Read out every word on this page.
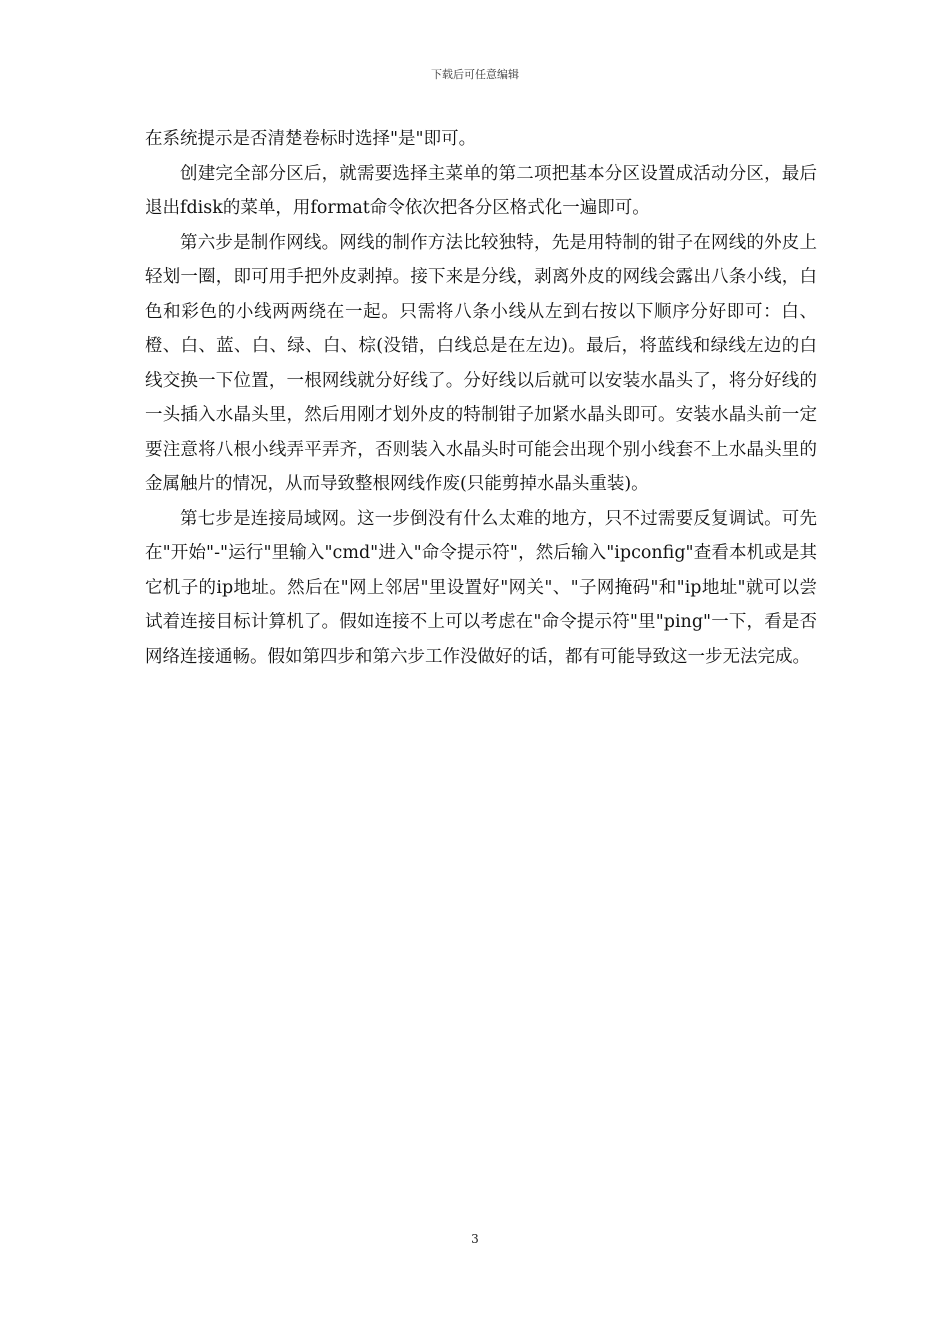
下载后可任意编辑

在系统提示是否清楚卷标时选择"是"即可。

创建完全部分区后，就需要选择主菜单的第二项把基本分区设置成活动分区，最后退出fdisk的菜单，用format命令依次把各分区格式化一遍即可。

第六步是制作网线。网线的制作方法比较独特，先是用特制的钳子在网线的外皮上轻划一圈，即可用手把外皮剥掉。接下来是分线，剥离外皮的网线会露出八条小线，白色和彩色的小线两两绕在一起。只需将八条小线从左到右按以下顺序分好即可：白、橙、白、蓝、白、绿、白、棕(没错，白线总是在左边)。最后，将蓝线和绿线左边的白线交换一下位置，一根网线就分好线了。分好线以后就可以安装水晶头了，将分好线的一头插入水晶头里，然后用刚才划外皮的特制钳子加紧水晶头即可。安装水晶头前一定要注意将八根小线弄平弄齐，否则装入水晶头时可能会出现个别小线套不上水晶头里的金属触片的情况，从而导致整根网线作废(只能剪掉水晶头重装)。

第七步是连接局域网。这一步倒没有什么太难的地方，只不过需要反复调试。可先在"开始"-"运行"里输入"cmd"进入"命令提示符"，然后输入"ipconfig"查看本机或是其它机子的ip地址。然后在"网上邻居"里设置好"网关"、"子网掩码"和"ip地址"就可以尝试着连接目标计算机了。假如连接不上可以考虑在"命令提示符"里"ping"一下，看是否网络连接通畅。假如第四步和第六步工作没做好的话，都有可能导致这一步无法完成。

3
